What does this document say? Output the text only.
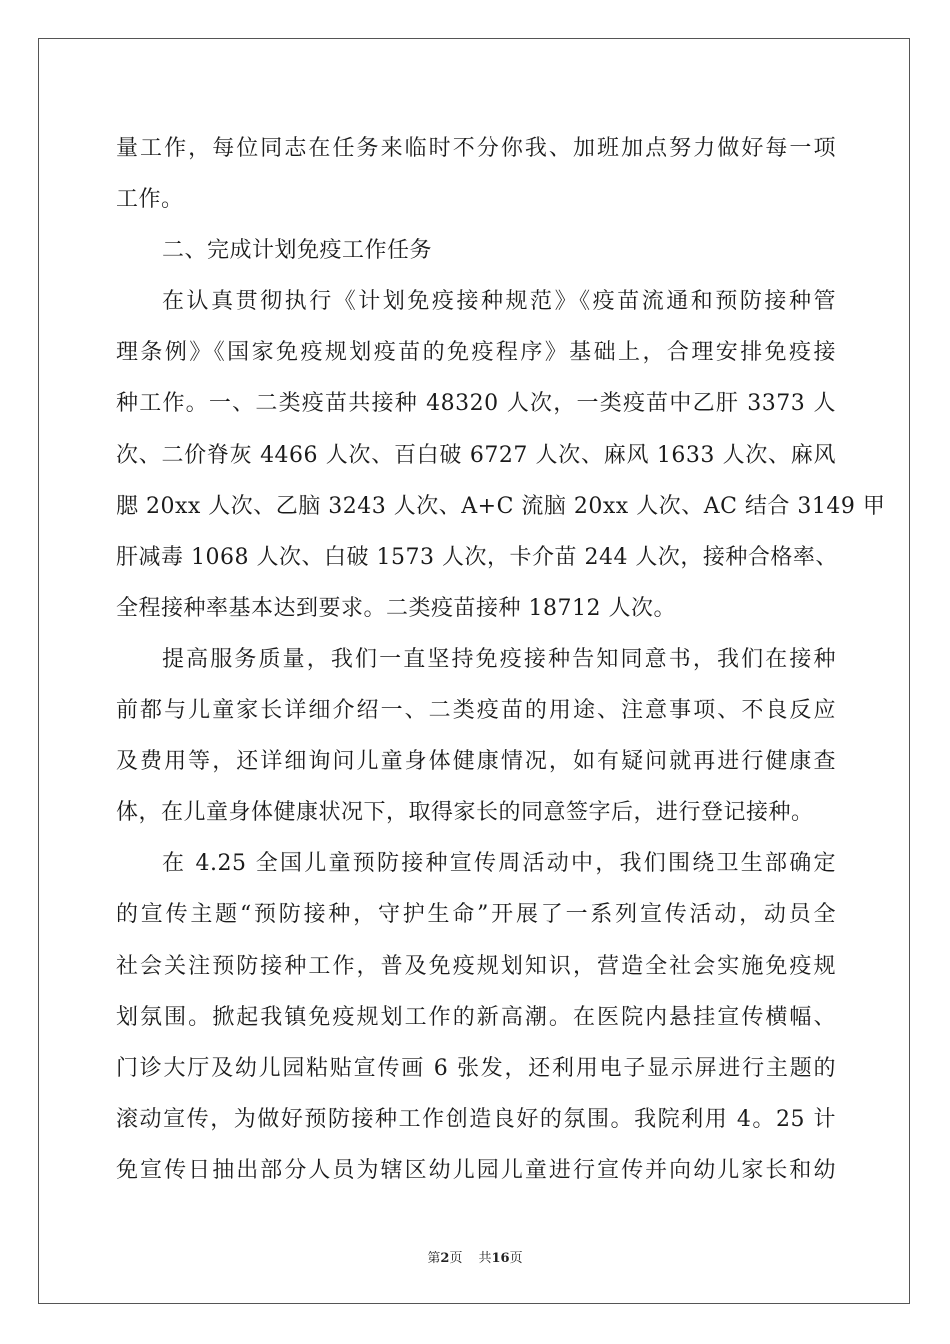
量工作，每位同志在任务来临时不分你我、加班加点努力做好每一项
工作。
二、完成计划免疫工作任务
在认真贯彻执行《计划免疫接种规范》《疫苗流通和预防接种管
理条例》《国家免疫规划疫苗的免疫程序》基础上，合理安排免疫接
种工作。一、二类疫苗共接种 48320 人次，一类疫苗中乙肝 3373 人
次、二价脊灰 4466 人次、百白破 6727 人次、麻风 1633 人次、麻风
腮 20xx 人次、乙脑 3243 人次、A+C 流脑 20xx 人次、AC 结合 3149 甲
肝减毒 1068 人次、白破 1573 人次，卡介苗 244 人次，接种合格率、
全程接种率基本达到要求。二类疫苗接种 18712 人次。
提高服务质量，我们一直坚持免疫接种告知同意书，我们在接种
前都与儿童家长详细介绍一、二类疫苗的用途、注意事项、不良反应
及费用等，还详细询问儿童身体健康情况，如有疑问就再进行健康查
体，在儿童身体健康状况下，取得家长的同意签字后，进行登记接种。
在 4.25 全国儿童预防接种宣传周活动中，我们围绕卫生部确定
的宣传主题“预防接种，守护生命”开展了一系列宣传活动，动员全
社会关注预防接种工作，普及免疫规划知识，营造全社会实施免疫规
划氛围。掀起我镇免疫规划工作的新高潮。在医院内悬挂宣传横幅、
门诊大厅及幼儿园粘贴宣传画 6 张发，还利用电子显示屏进行主题的
滚动宣传，为做好预防接种工作创造良好的氛围。我院利用 4。25 计
免宣传日抽出部分人员为辖区幼儿园儿童进行宣传并向幼儿家长和幼
第2页 共16页
